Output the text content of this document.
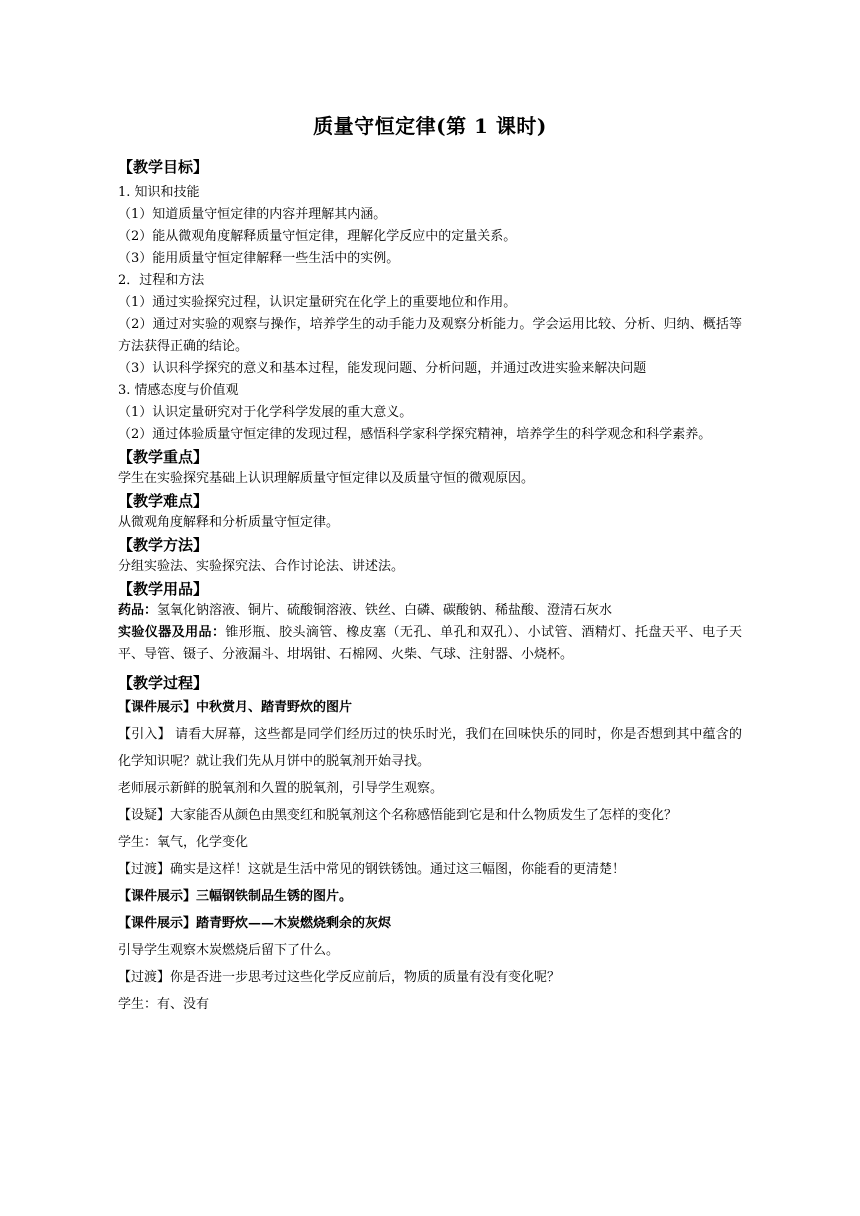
质量守恒定律(第 1 课时)
【教学目标】
1. 知识和技能
（1）知道质量守恒定律的内容并理解其内涵。
（2）能从微观角度解释质量守恒定律，理解化学反应中的定量关系。
（3）能用质量守恒定律解释一些生活中的实例。
2．过程和方法
（1）通过实验探究过程，认识定量研究在化学上的重要地位和作用。
（2）通过对实验的观察与操作，培养学生的动手能力及观察分析能力。学会运用比较、分析、归纳、概括等方法获得正确的结论。
（3）认识科学探究的意义和基本过程，能发现问题、分析问题，并通过改进实验来解决问题
3. 情感态度与价值观
（1）认识定量研究对于化学科学发展的重大意义。
（2）通过体验质量守恒定律的发现过程，感悟科学家科学探究精神，培养学生的科学观念和科学素养。
【教学重点】
学生在实验探究基础上认识理解质量守恒定律以及质量守恒的微观原因。
【教学难点】
从微观角度解释和分析质量守恒定律。
【教学方法】
分组实验法、实验探究法、合作讨论法、讲述法。
【教学用品】
药品：氢氧化钠溶液、铜片、硫酸铜溶液、铁丝、白磷、碳酸钠、稀盐酸、澄清石灰水
实验仪器及用品：锥形瓶、胶头滴管、橡皮塞（无孔、单孔和双孔）、小试管、酒精灯、托盘天平、电子天平、导管、镊子、分液漏斗、坩埚钳、石棉网、火柴、气球、注射器、小烧杯。
【教学过程】
【课件展示】中秋赏月、踏青野炊的图片
【引入】 请看大屏幕，这些都是同学们经历过的快乐时光，我们在回味快乐的同时，你是否想到其中蕴含的化学知识呢？就让我们先从月饼中的脱氧剂开始寻找。
老师展示新鲜的脱氧剂和久置的脱氧剂，引导学生观察。
【设疑】大家能否从颜色由黑变红和脱氧剂这个名称感悟能到它是和什么物质发生了怎样的变化？
学生：氧气，化学变化
【过渡】确实是这样！这就是生活中常见的钢铁锈蚀。通过这三幅图，你能看的更清楚！
【课件展示】三幅钢铁制品生锈的图片。
【课件展示】踏青野炊——木炭燃烧剩余的灰烬
引导学生观察木炭燃烧后留下了什么。
【过渡】你是否进一步思考过这些化学反应前后，物质的质量有没有变化呢？
学生：有、没有
